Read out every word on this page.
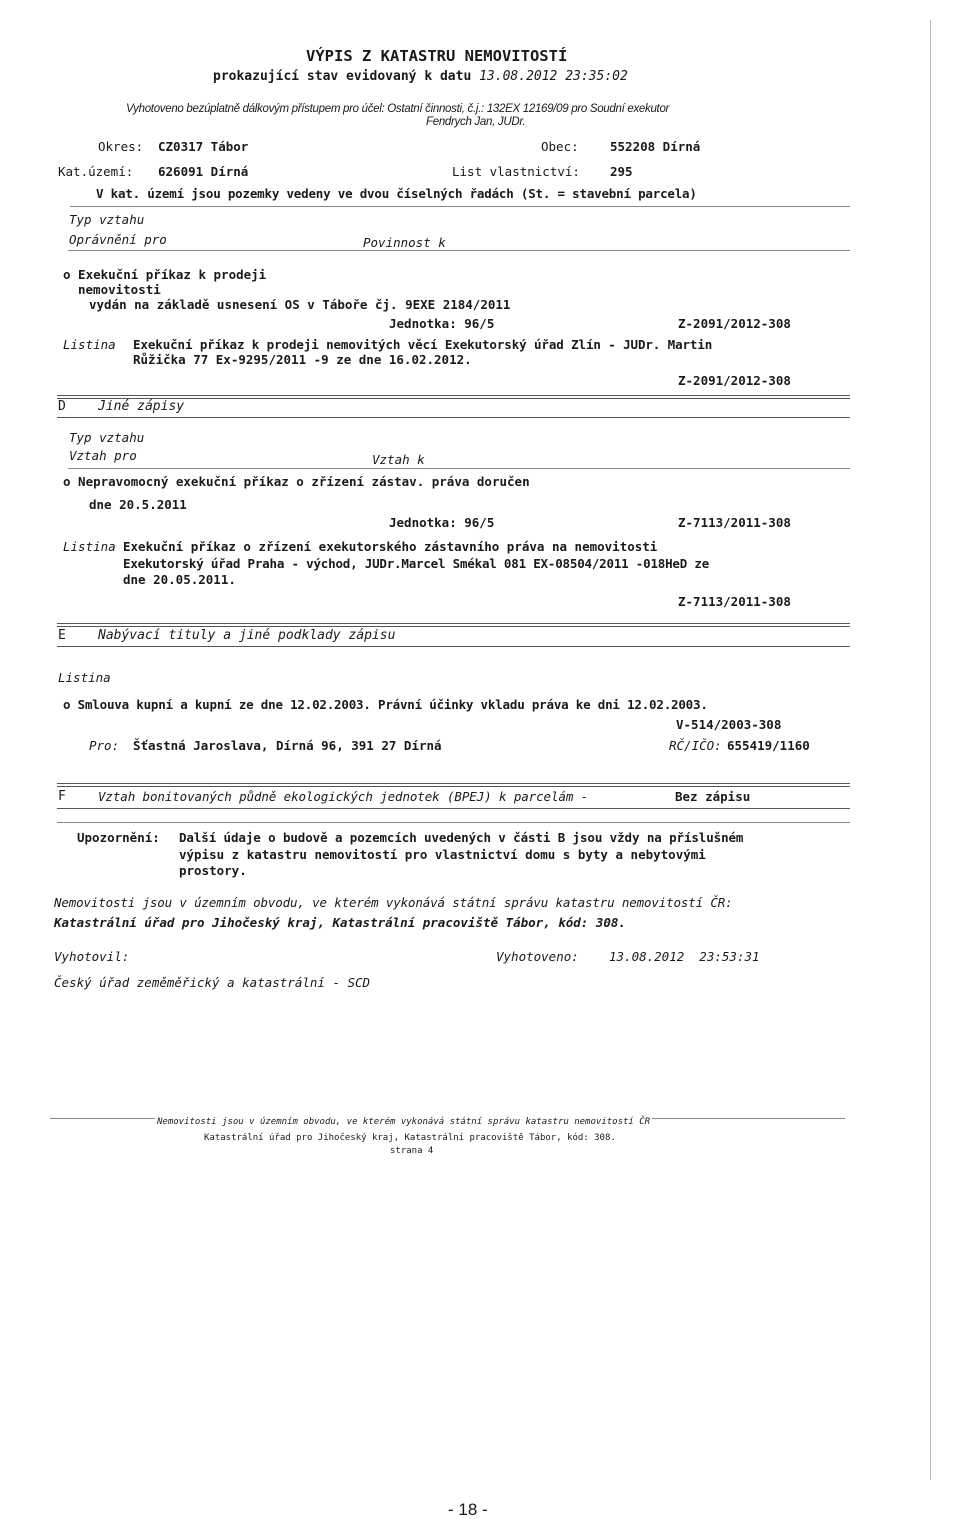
VÝPIS Z KATASTRU NEMOVITOSTÍ
prokazující stav evidovaný k datu 13.08.2012 23:35:02
Vyhotoveno bezúplatně dálkovým přístupem pro účel: Ostatní činnosti, č.j.: 132EX 12169/09 pro Soudní exekutor
Fendrych Jan, JUDr.
Okres: CZ0317 Tábor	Obec:	552208 Dírná
Kat.území: 626091 Dírná	List vlastnictví: 295
V kat. území jsou pozemky vedeny ve dvou číselných řadách (St. = stavební parcela)
Typ vztahu
Oprávnění pro	Povinnost k
o Exekuční příkaz k prodeji
nemovitosti
vydán na základě usnesení OS v Táboře čj. 9EXE 2184/2011
Jednotka: 96/5	Z-2091/2012-308
Listina Exekuční příkaz k prodeji nemovitých věcí Exekutorský úřad Zlín - JUDr. Martin
Růžička 77 Ex-9295/2011 -9 ze dne 16.02.2012.
Z-2091/2012-308
D Jiné zápisy
Typ vztahu
Vztah pro	Vztah k
o Nepravomocný exekuční příkaz o zřízení zástav. práva doručen
dne 20.5.2011
Jednotka: 96/5	Z-7113/2011-308
Listina Exekuční příkaz o zřízení exekutorského zástavního práva na nemovitosti
Exekutorský úřad Praha - východ, JUDr.Marcel Smékal 081 EX-08504/2011 -018HeD ze
dne 20.05.2011.
Z-7113/2011-308
E Nabývací tituly a jiné podklady zápisu
Listina
o Smlouva kupní a kupní ze dne 12.02.2003. Právní účinky vkladu práva ke dni 12.02.2003.
V-514/2003-308
Pro: Šťastná Jaroslava, Dírná 96, 391 27 Dírná	RČ/IČO: 655419/1160
F	Vztah bonitovaných půdně ekologických jednotek (BPEJ) k parcelám -	Bez zápisu
Upozornění: Další údaje o budově a pozemcích uvedených v části B jsou vždy na příslušném
výpisu z katastru nemovitostí pro vlastnictví domu s byty a nebytovými
prostory.
Nemovitosti jsou v územním obvodu, ve kterém vykonává státní správu katastru nemovitostí ČR:
Katastrální úřad pro Jihočeský kraj, Katastrální pracoviště Tábor, kód: 308.
Vyhotovil:	Vyhotoveno: 13.08.2012  23:53:31
Český úřad zeměměřický a katastrální - SCD
Nemovitosti jsou v územním obvodu, ve kterém vykonává státní správu katastru nemovitostí ČR
Katastrální úřad pro Jihočeský kraj, Katastrální pracoviště Tábor, kód: 308.
strana 4
- 18 -
